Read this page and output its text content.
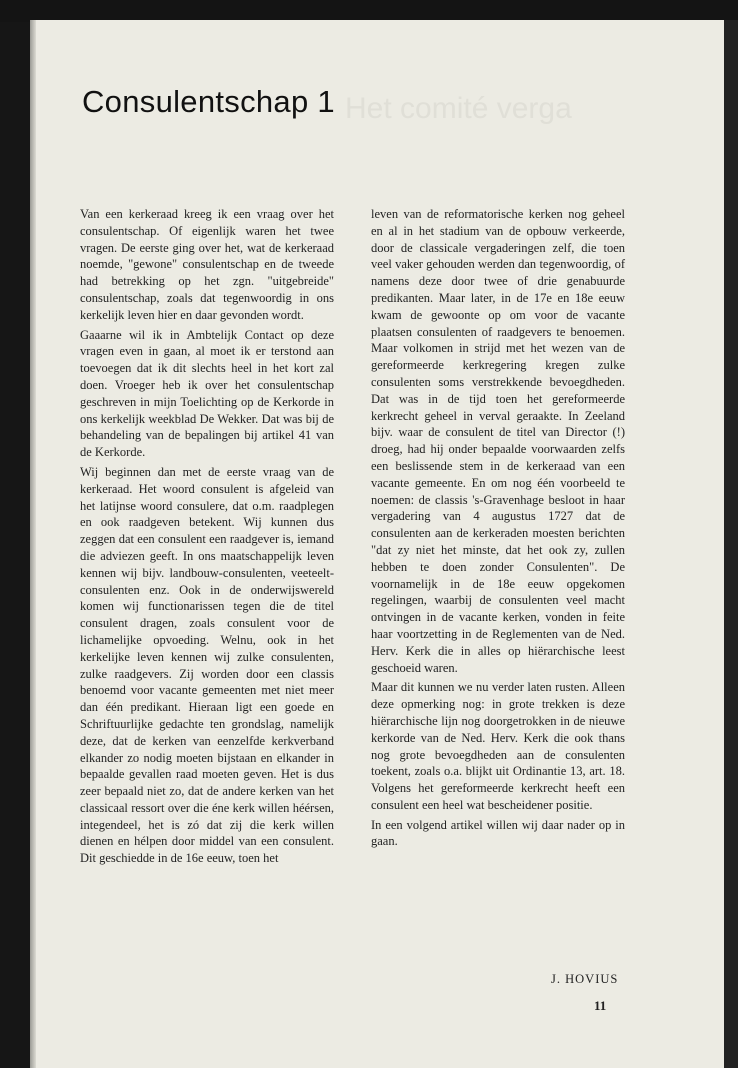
Het comité verga
Consulentschap 1

Van een kerkeraad kreeg ik een vraag over het consulentschap. Of eigenlijk waren het twee vragen. De eerste ging over het, wat de kerkeraad noemde, "gewone" consulentschap en de tweede had betrekking op het zgn. "uitgebreide" consulentschap, zoals dat tegenwoordig in ons kerkelijk leven hier en daar gevonden wordt.

Gaaarne wil ik in Ambtelijk Contact op deze vragen even in gaan, al moet ik er terstond aan toevoegen dat ik dit slechts heel in het kort zal doen. Vroeger heb ik over het consulentschap geschreven in mijn Toelichting op de Kerkorde in ons kerkelijk weekblad De Wekker. Dat was bij de behandeling van de bepalingen bij artikel 41 van de Kerkorde.

Wij beginnen dan met de eerste vraag van de kerkeraad. Het woord consulent is afgeleid van het latijnse woord consulere, dat o.m. raadplegen en ook raadgeven betekent. Wij kunnen dus zeggen dat een consulent een raadgever is, iemand die adviezen geeft. In ons maatschappelijk leven kennen wij bijv. landbouw-consulenten, veeteelt-consulenten enz. Ook in de onderwijswereld komen wij functionarissen tegen die de titel consulent dragen, zoals consulent voor de lichamelijke opvoeding. Welnu, ook in het kerkelijke leven kennen wij zulke consulenten, zulke raadgevers. Zij worden door een classis benoemd voor vacante gemeenten met niet meer dan één predikant. Hieraan ligt een goede en Schriftuurlijke gedachte ten grondslag, namelijk deze, dat de kerken van eenzelfde kerkverband elkander zo nodig moeten bijstaan en elkander in bepaalde gevallen raad moeten geven. Het is dus zeer bepaald niet zo, dat de andere kerken van het classicaal ressort over die éne kerk willen héérsen, integendeel, het is zó dat zij die kerk willen dienen en hélpen door middel van een consulent. Dit geschiedde in de 16e eeuw, toen het

leven van de reformatorische kerken nog geheel en al in het stadium van de opbouw verkeerde, door de classicale vergaderingen zelf, die toen veel vaker gehouden werden dan tegenwoordig, of namens deze door twee of drie genabuurde predikanten. Maar later, in de 17e en 18e eeuw kwam de gewoonte op om voor de vacante plaatsen consulenten of raadgevers te benoemen. Maar volkomen in strijd met het wezen van de gereformeerde kerkregering kregen zulke consulenten soms verstrekkende bevoegdheden. Dat was in de tijd toen het gereformeerde kerkrecht geheel in verval geraakte. In Zeeland bijv. waar de consulent de titel van Director (!) droeg, had hij onder bepaalde voorwaarden zelfs een beslissende stem in de kerkeraad van een vacante gemeente. En om nog één voorbeeld te noemen: de classis 's-Gravenhage besloot in haar vergadering van 4 augustus 1727 dat de consulenten aan de kerkeraden moesten berichten "dat zy niet het minste, dat het ook zy, zullen hebben te doen zonder Consulenten". De voornamelijk in de 18e eeuw opgekomen regelingen, waarbij de consulenten veel macht ontvingen in de vacante kerken, vonden in feite haar voortzetting in de Reglementen van de Ned. Herv. Kerk die in alles op hiërarchische leest geschoeid waren.

Maar dit kunnen we nu verder laten rusten. Alleen deze opmerking nog: in grote trekken is deze hiërarchische lijn nog doorgetrokken in de nieuwe kerkorde van de Ned. Herv. Kerk die ook thans nog grote bevoegdheden aan de consulenten toekent, zoals o.a. blijkt uit Ordinantie 13, art. 18. Volgens het gereformeerde kerkrecht heeft een consulent een heel wat bescheidener positie.

In een volgend artikel willen wij daar nader op in gaan.

J. HOVIUS
11
